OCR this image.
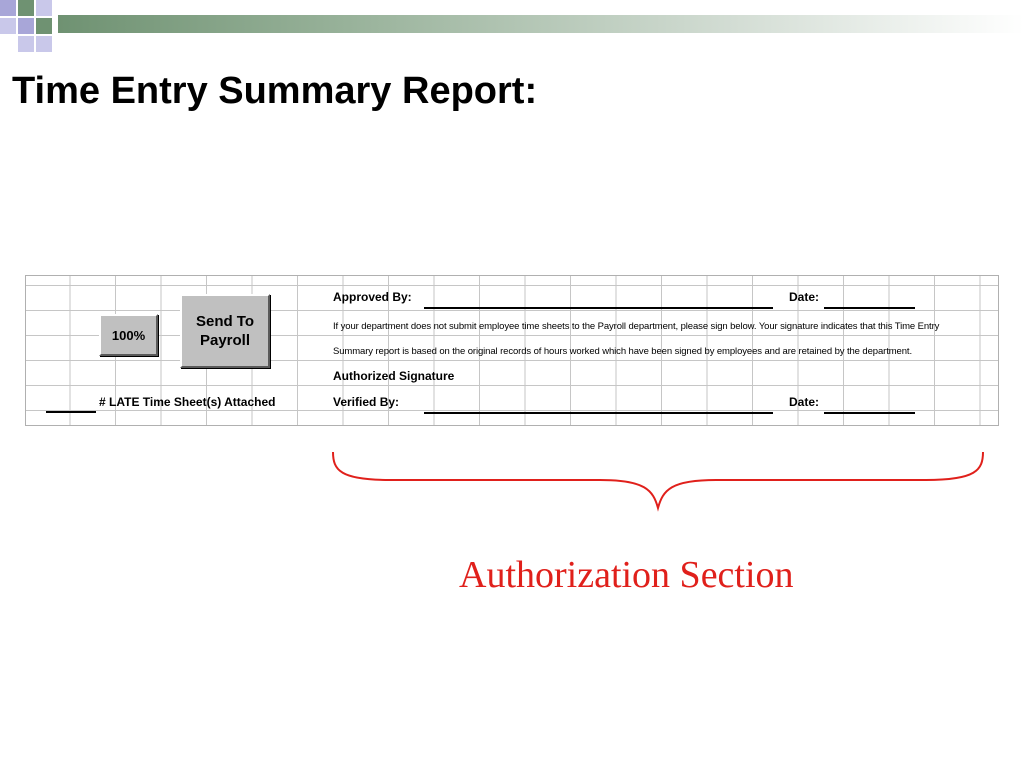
Time Entry Summary Report:
100%
Send To Payroll
Approved By:	Date:
If your department does not submit employee time sheets to the Payroll department, please sign below. Your signature indicates that this Time Entry
Summary report is based on the original records of hours worked which have been signed by employees and are retained by the department.
Authorized Signature
# LATE Time Sheet(s) Attached	Verified By:	Date:
Authorization Section
